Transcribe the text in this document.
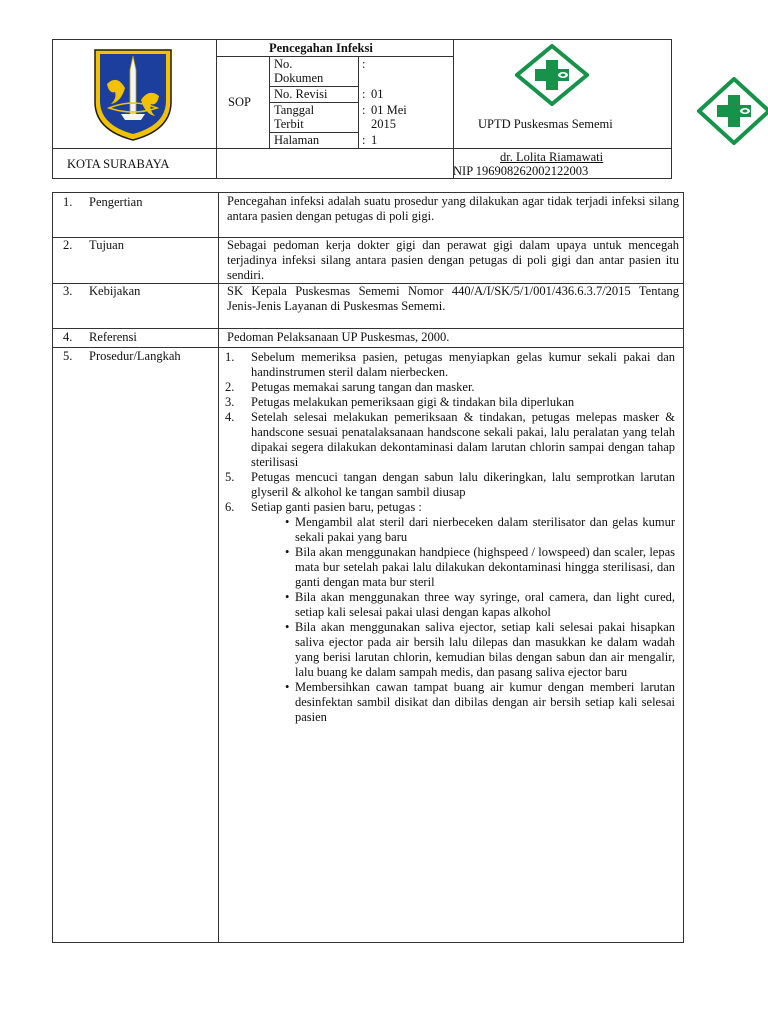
Pencegahan Infeksi
SOP
No. Dokumen
:
No. Revisi	: 01
Tanggal Terbit
: 01 Mei 2015
Halaman	: 1
UPTD Puskesmas Sememi
KOTA SURABAYA	dr. Lolita Riamawati
NIP 196908262002122003
1. Pengertian	Pencegahan infeksi adalah suatu prosedur yang dilakukan agar tidak terjadi infeksi silang antara pasien dengan petugas di poli gigi.
2. Tujuan	Sebagai pedoman kerja dokter gigi dan perawat gigi dalam upaya untuk mencegah terjadinya infeksi silang antara pasien dengan petugas di poli gigi dan antar pasien itu sendiri.
3. Kebijakan	SK Kepala Puskesmas Sememi Nomor 440/A/I/SK/5/1/001/436.6.3.7/2015 Tentang Jenis-Jenis Layanan di Puskesmas Sememi.
4. Referensi	Pedoman Pelaksanaan UP Puskesmas, 2000.
5. Prosedur/Langkah	1. Sebelum memeriksa pasien, petugas menyiapkan gelas kumur sekali pakai dan handinstrumen steril dalam nierbecken.
2. Petugas memakai sarung tangan dan masker.
3. Petugas melakukan pemeriksaan gigi & tindakan bila diperlukan
4. Setelah selesai melakukan pemeriksaan & tindakan, petugas melepas masker & handscone sesuai penatalaksanaan handscone sekali pakai, lalu peralatan yang telah dipakai segera dilakukan dekontaminasi dalam larutan chlorin sampai dengan tahap sterilisasi
5. Petugas mencuci tangan dengan sabun lalu dikeringkan, lalu semprotkan larutan glyseril & alkohol ke tangan sambil diusap
6. Setiap ganti pasien baru, petugas :
• Mengambil alat steril dari nierbeceken dalam sterilisator dan gelas kumur sekali pakai yang baru
• Bila akan menggunakan handpiece (highspeed / lowspeed) dan scaler, lepas mata bur setelah pakai lalu dilakukan dekontaminasi hingga sterilisasi, dan ganti dengan mata bur steril
• Bila akan menggunakan three way syringe, oral camera, dan light cured, setiap kali selesai pakai ulasi dengan kapas alkohol
• Bila akan menggunakan saliva ejector, setiap kali selesai pakai hisapkan saliva ejector pada air bersih lalu dilepas dan masukkan ke dalam wadah yang berisi larutan chlorin, kemudian bilas dengan sabun dan air mengalir, lalu buang ke dalam sampah medis, dan pasang saliva ejector baru
• Membersihkan cawan tampat buang air kumur dengan memberi larutan desinfektan sambil disikat dan dibilas dengan air bersih setiap kali selesai pasien
